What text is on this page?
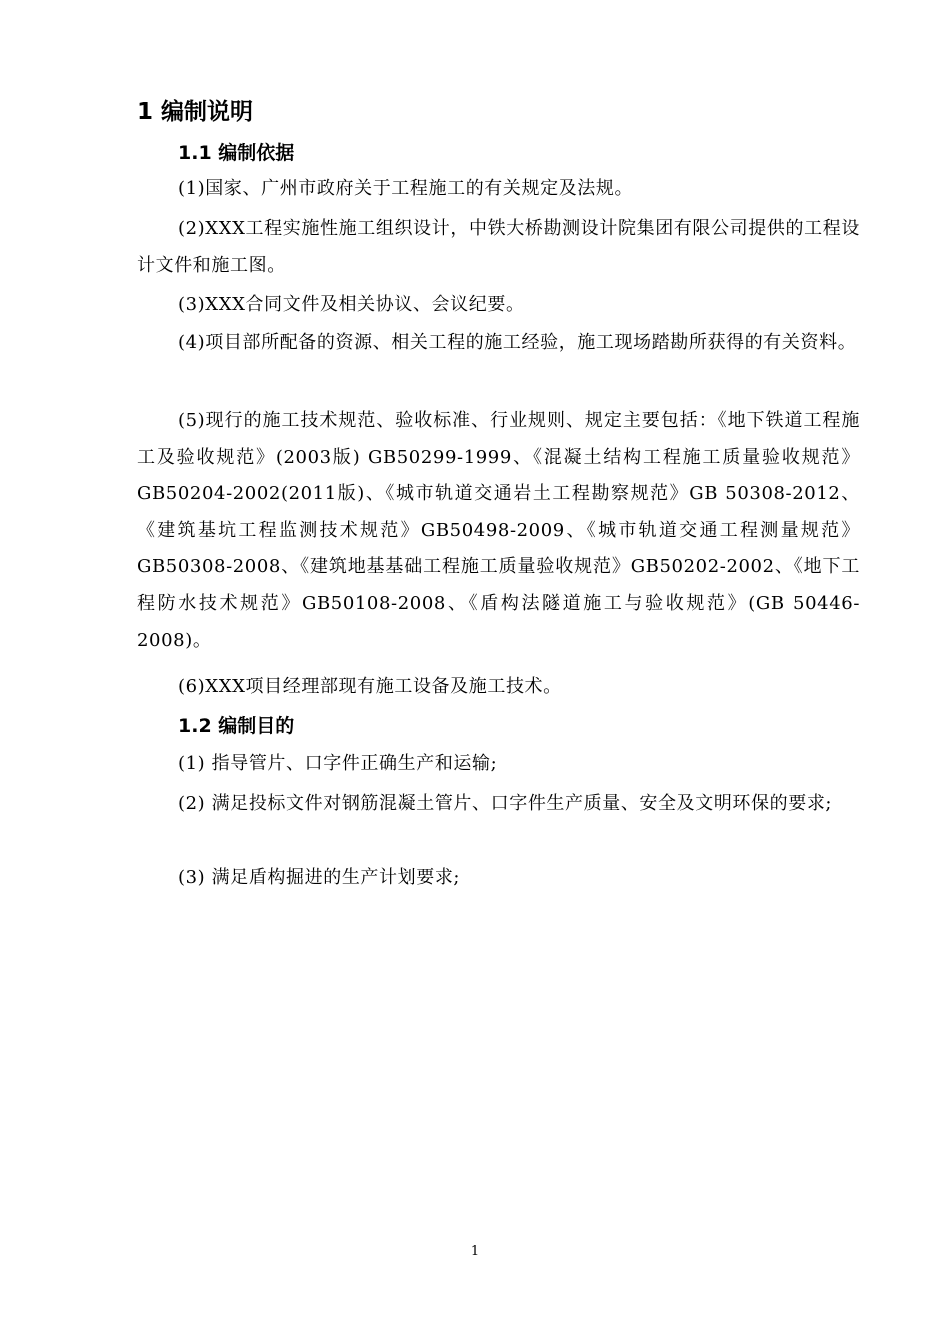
1 编制说明
1.1 编制依据
(1)国家、广州市政府关于工程施工的有关规定及法规。
(2)XXX工程实施性施工组织设计，中铁大桥勘测设计院集团有限公司提供的工程设计文件和施工图。
(3)XXX合同文件及相关协议、会议纪要。
(4)项目部所配备的资源、相关工程的施工经验，施工现场踏勘所获得的有关资料。
(5)现行的施工技术规范、验收标准、行业规则、规定主要包括：《地下铁道工程施工及验收规范》(2003版) GB50299-1999、《混凝土结构工程施工质量验收规范》GB50204-2002(2011版)、《城市轨道交通岩土工程勘察规范》GB 50308-2012、《建筑基坑工程监测技术规范》GB50498-2009、《城市轨道交通工程测量规范》GB50308-2008、《建筑地基基础工程施工质量验收规范》GB50202-2002、《地下工程防水技术规范》GB50108-2008、《盾构法隧道施工与验收规范》(GB 50446-2008)。
(6)XXX项目经理部现有施工设备及施工技术。
1.2 编制目的
(1) 指导管片、口字件正确生产和运输;
(2) 满足投标文件对钢筋混凝土管片、口字件生产质量、安全及文明环保的要求;
(3) 满足盾构掘进的生产计划要求;
1
